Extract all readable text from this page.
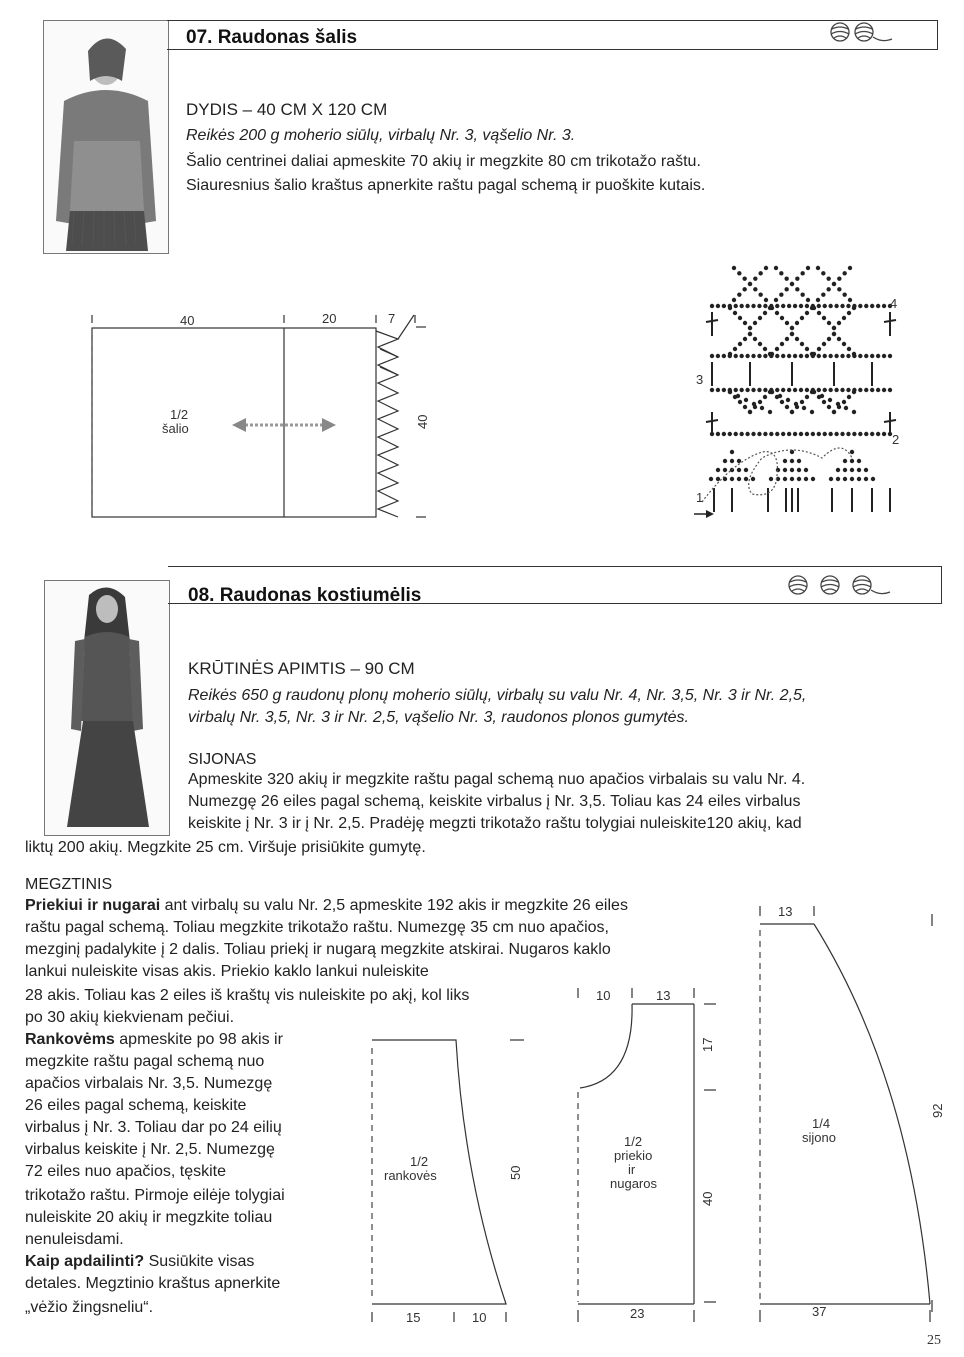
07. Raudonas šalis
DYDIS – 40 CM X 120 CM
Reikės 200 g moherio siūlų, virbalų Nr. 3, vąšelio Nr. 3.
Šalio centrinei daliai apmeskite 70 akių ir megzkite 80 cm trikotažo raštu.
Siauresnius šalio kraštus apnerkite raštu pagal schemą ir puoškite kutais.
40	20	7
40
1/2
šalio
1
2
3
4
08. Raudonas kostiumėlis
KRŪTINĖS APIMTIS – 90 CM
Reikės 650 g raudonų plonų moherio siūlų, virbalų su valu Nr. 4, Nr. 3,5, Nr. 3 ir Nr. 2,5,
virbalų Nr. 3,5, Nr. 3 ir Nr. 2,5, vąšelio Nr. 3, raudonos plonos gumytės.
SIJONAS
Apmeskite 320 akių ir megzkite raštu pagal schemą nuo apačios virbalais su valu Nr. 4.
Numezgę 26 eiles pagal schemą, keiskite virbalus į Nr. 3,5. Toliau kas 24 eiles virbalus
keiskite į Nr. 3 ir į Nr. 2,5. Pradėję megzti trikotažo raštu tolygiai nuleiskite120 akių, kad
liktų 200 akių. Megzkite 25 cm. Viršuje prisiūkite gumytę.
MEGZTINIS
Priekiui ir nugarai ant virbalų su valu Nr. 2,5 apmeskite 192 akis ir megzkite 26 eiles
raštu pagal schemą. Toliau megzkite trikotažo raštu. Numezgę 35 cm nuo apačios,
mezginį padalykite į 2 dalis. Toliau priekį ir nugarą megzkite atskirai. Nugaros kaklo
lankui nuleiskite visas akis. Priekio kaklo lankui nuleiskite
28 akis. Toliau kas 2 eiles iš kraštų vis nuleiskite po akį, kol liks
po 30 akių kiekvienam pečiui.
Rankovėms apmeskite po 98 akis ir
megzkite raštu pagal schemą nuo
apačios virbalais Nr. 3,5. Numezgę
26 eiles pagal schemą, keiskite
virbalus į Nr. 3. Toliau dar po 24 eilių
virbalus keiskite į Nr. 2,5. Numezgę
72 eiles nuo apačios, tęskite
trikotažo raštu. Pirmoje eilėje tolygiai
nuleiskite 20 akių ir megzkite toliau
nenuleisdami.
Kaip apdailinti? Susiūkite visas
detales. Megztinio kraštus apnerkite
„vėžio žingsneliu“.
1/2
rankovės	50
15	10
10	13
1/2
priekio
ir
nugaros
17
40
23
13
1/4
sijono
92
37
25
